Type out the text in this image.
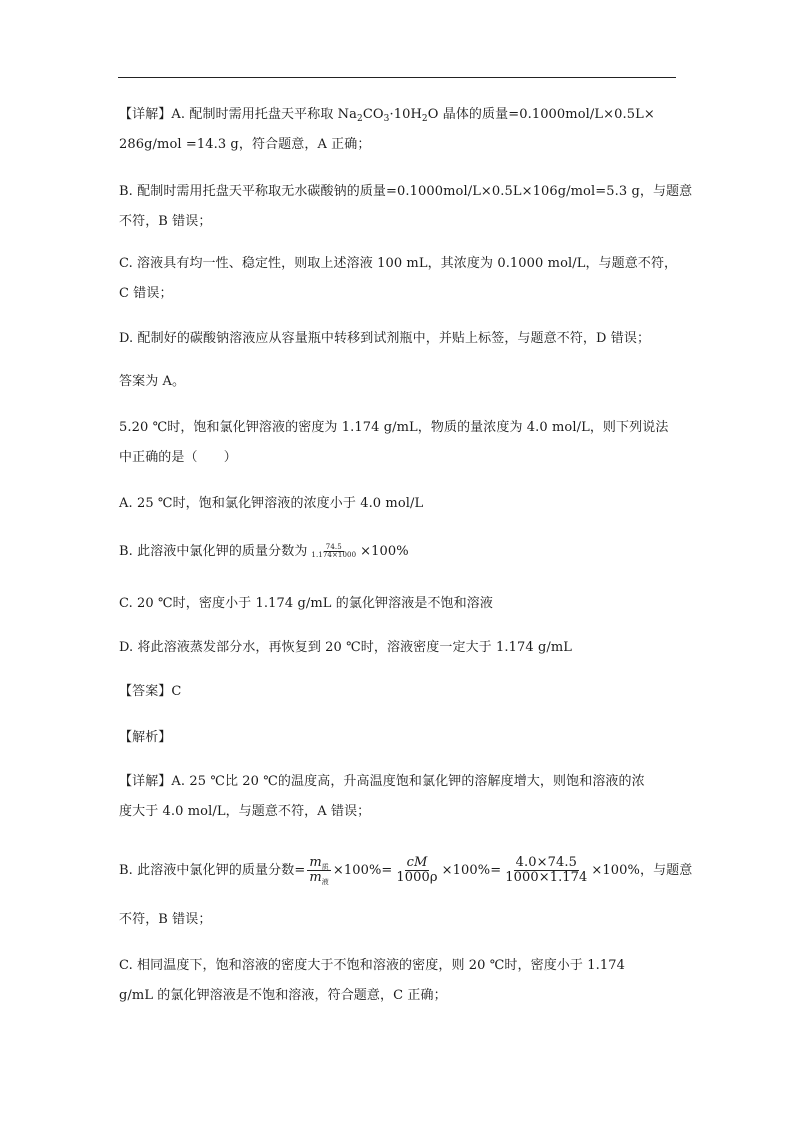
【详解】A. 配制时需用托盘天平称取 $Na_2CO_3\cdot 10H_2O$ 晶体的质量=0.1000mol/L×0.5L×
286g/mol =14.3 g，符合题意，A 正确；
B. 配制时需用托盘天平称取无水碳酸钠的质量=0.1000mol/L×0.5L×106g/mol=5.3 g，与题意
不符，B 错误；
C. 溶液具有均一性、稳定性，则取上述溶液 100 mL，其浓度为 0.1000 mol/L，与题意不符，
C 错误；
D. 配制好的碳酸钠溶液应从容量瓶中转移到试剂瓶中，并贴上标签，与题意不符，D 错误；
答案为 A。
5.20 ℃时，饱和氯化钾溶液的密度为 1.174 g/mL，物质的量浓度为 4.0 mol/L，则下列说法
中正确的是（　　）
A. 25 ℃时，饱和氯化钾溶液的浓度小于 4.0 mol/L
B. 此溶液中氯化钾的质量分数为 $\frac{74.5}{1.174\times 1000} \times 100\%$
C. 20 ℃时，密度小于 1.174 g/mL 的氯化钾溶液是不饱和溶液
D. 将此溶液蒸发部分水，再恢复到 20 ℃时，溶液密度一定大于 1.174 g/mL
【答案】C
【解析】
【详解】A. 25 ℃比 20 ℃的温度高，升高温度饱和氯化钾的溶解度增大，则饱和溶液的浓
度大于 4.0 mol/L，与题意不符，A 错误；
B. 此溶液中氯化钾的质量分数= $\frac{m_质}{m_液} \times 100\%= \frac{cM}{1000\rho} \times 100\%= \frac{4.0\times 74.5}{1000\times 1.174} \times 100\%$，与题意
不符，B 错误；
C. 相同温度下，饱和溶液的密度大于不饱和溶液的密度，则 20 ℃时，密度小于 1.174
g/mL 的氯化钾溶液是不饱和溶液，符合题意，C 正确；
